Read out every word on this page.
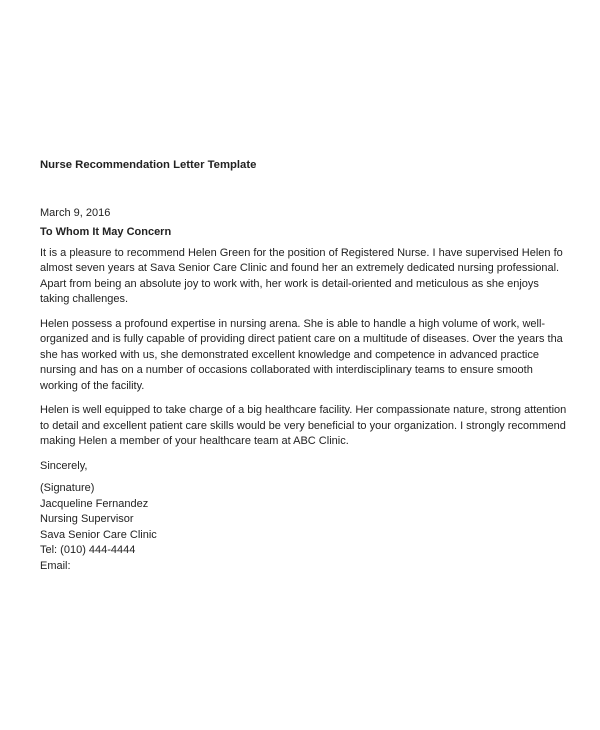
Nurse Recommendation Letter Template
March 9, 2016
To Whom It May Concern
It is a pleasure to recommend Helen Green for the position of Registered Nurse. I have supervised Helen fo
almost seven years at Sava Senior Care Clinic and found her an extremely dedicated nursing professional.
Apart from being an absolute joy to work with, her work is detail-oriented and meticulous as she enjoys
taking challenges.
Helen possess a profound expertise in nursing arena. She is able to handle a high volume of work, well-
organized and is fully capable of providing direct patient care on a multitude of diseases. Over the years tha
she has worked with us, she demonstrated excellent knowledge and competence in advanced practice
nursing and has on a number of occasions collaborated with interdisciplinary teams to ensure smooth
working of the facility.
Helen is well equipped to take charge of a big healthcare facility. Her compassionate nature, strong attention
to detail and excellent patient care skills would be very beneficial to your organization. I strongly recommend
making Helen a member of your healthcare team at ABC Clinic.
Sincerely,
(Signature)
Jacqueline Fernandez
Nursing Supervisor
Sava Senior Care Clinic
Tel: (010) 444-4444
Email:
